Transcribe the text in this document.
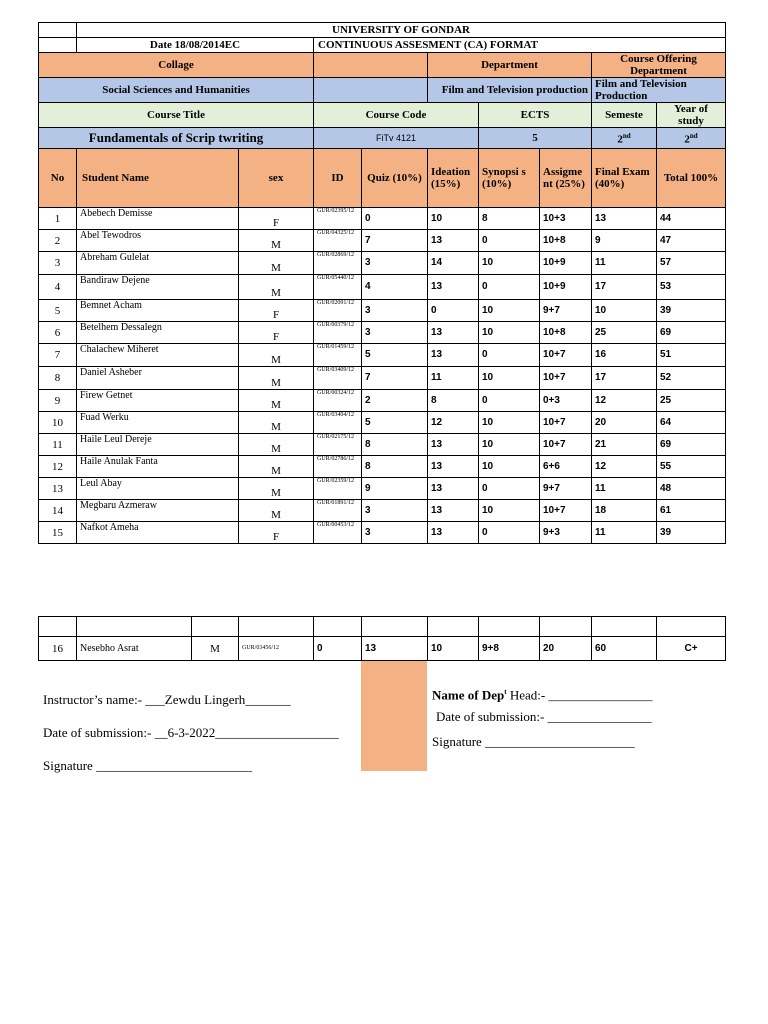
	UNIVERSITY OF GONDAR									
	Date 18/08/2014EC		CONTINUOUS ASSESMENT (CA) FORMAT							
Collage					Department			Course Offering Department		
Social Sciences and Humanities					Film and Television production			Film and Television Production		
Course Title			Course Code			ECTS		Semeste	Year of study	
Fundamentals of Scrip twriting			FiTv 4121			5		2nd	2nd
No	Student Name	sex	ID	Quiz (10%)	Ideation (15%)	Synopsi s (10%)	Assigme nt (25%)	Final Exam (40%)	Total 100%	
1	Abebech Demisse	F	GUR/02395/12	0	10	8	10+3	13	44	
2	Abel Tewodros	M	GUR/04325/12	7	13	0	10+8	9	47	
3	Abreham Gulelat	M	GUR/02869/12	3	14	10	10+9	11	57	
4	Bandiraw Dejene	M	GUR/05440/12	4	13	0	10+9	17	53	
5	Bemnet Acham	F	GUR/02091/12	3	0	10	9+7	10	39	
6	Betelhem Dessalegn	F	GUR/00379/12	3	13	10	10+8	25	69	
7	Chalachew Miheret	M	GUR/01459/12	5	13	0	10+7	16	51	
8	Daniel Asheber	M	GUR/03409/12	7	11	10	10+7	17	52	
9	Firew Getnet	M	GUR/00324/12	2	8	0	0+3	12	25	
10	Fuad Werku	M	GUR/03404/12	5	12	10	10+7	20	64	
11	Haile Leul Dereje	M	GUR/02175/12	8	13	10	10+7	21	69	
12	Haile Anulak Fanta	M	GUR/02786/12	8	13	10	6+6	12	55	
13	Leul Abay	M	GUR/02359/12	9	13	0	9+7	11	48	
14	Megbaru Azmeraw	M	GUR/01891/12	3	13	10	10+7	18	61	
15	Nafkot Ameha	F	GUR/00453/12	3	13	0	9+3	11	39	

16	Nesebho Asrat	M	GUR/03456/12	0	13	10	9+8	20	60	C+
Instructor’s name:- ___Zewdu Lingerh_______
Date of submission:- __6-3-2022___________________
Signature ________________________
Name of Dep$^t$ Head:- ________________
Date of submission:- ________________
Signature _______________________
